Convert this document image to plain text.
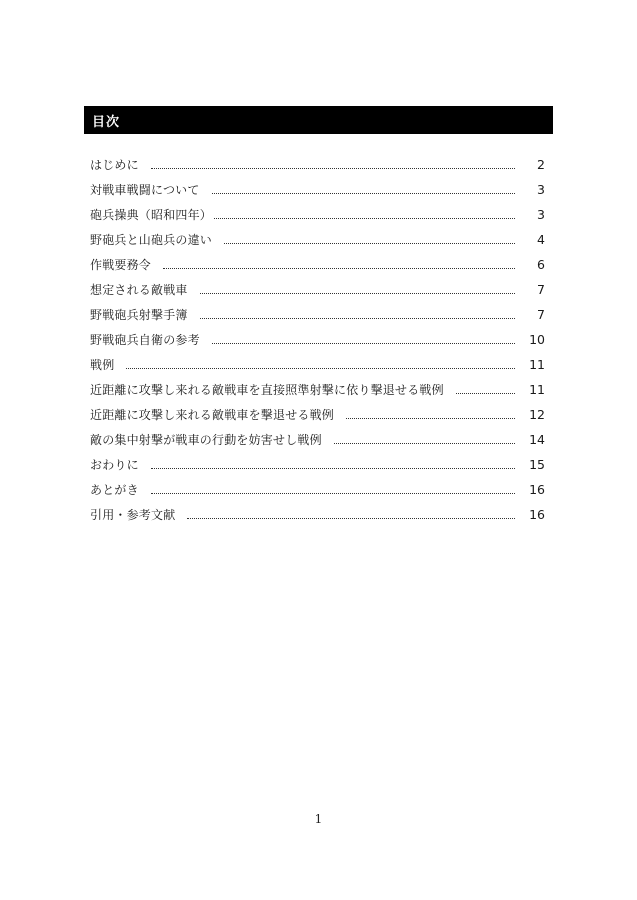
目次
はじめに	2
対戦車戦闘について	3
砲兵操典（昭和四年）	3
野砲兵と山砲兵の違い	4
作戦要務令	6
想定される敵戦車	7
野戦砲兵射撃手簿	7
野戦砲兵自衛の参考	10
戦例	11
近距離に攻撃し来れる敵戦車を直接照準射撃に依り撃退せる戦例	11
近距離に攻撃し来れる敵戦車を撃退せる戦例	12
敵の集中射撃が戦車の行動を妨害せし戦例	14
おわりに	15
あとがき	16
引用・参考文献	16
1
